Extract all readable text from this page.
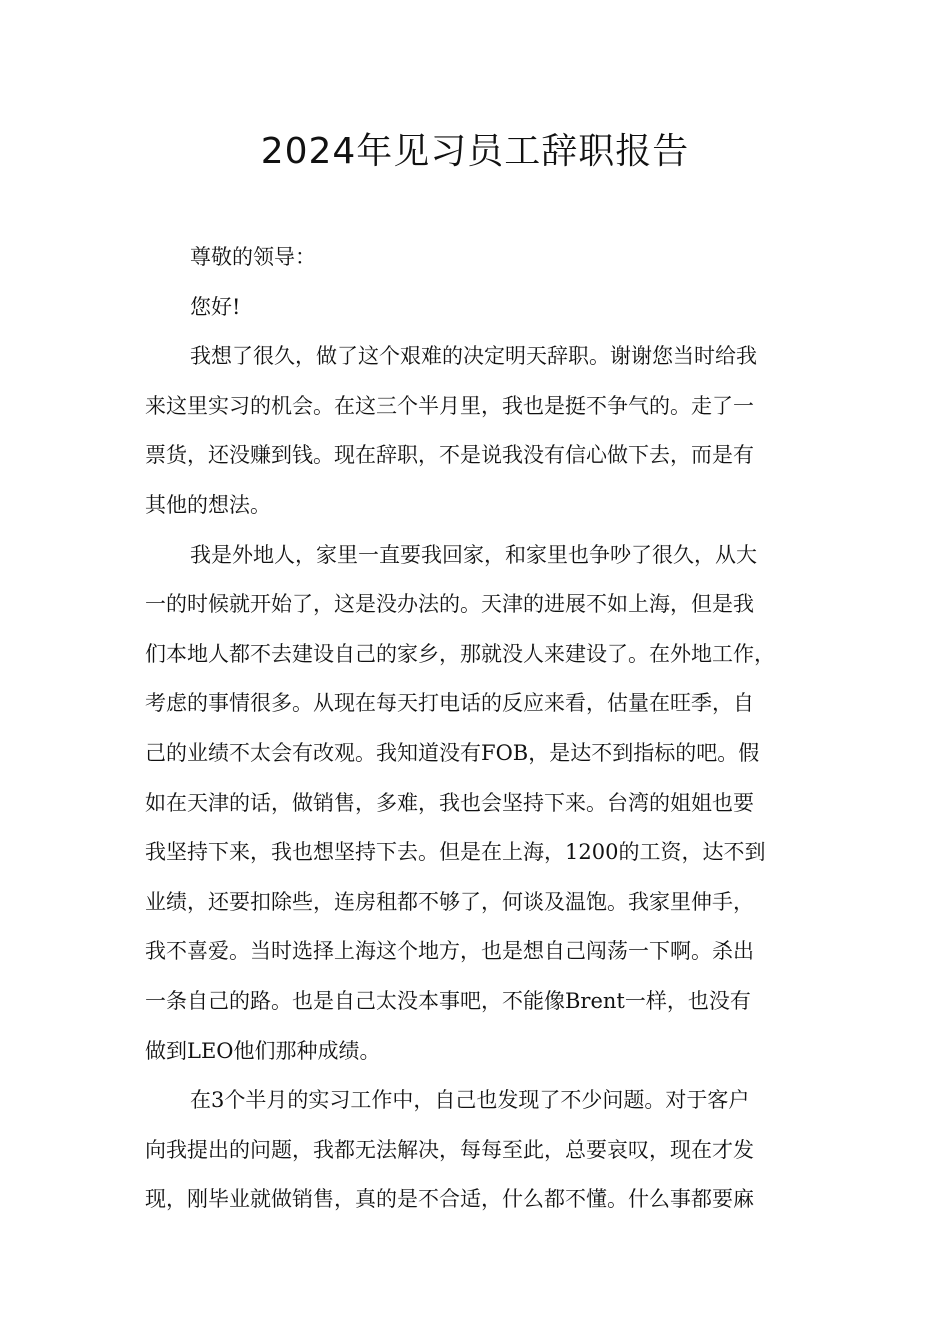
2024年见习员工辞职报告
尊敬的领导：
您好!
我想了很久，做了这个艰难的决定明天辞职。谢谢您当时给我
来这里实习的机会。在这三个半月里，我也是挺不争气的。走了一
票货，还没赚到钱。现在辞职，不是说我没有信心做下去，而是有
其他的想法。
我是外地人，家里一直要我回家，和家里也争吵了很久，从大
一的时候就开始了，这是没办法的。天津的进展不如上海，但是我
们本地人都不去建设自己的家乡，那就没人来建设了。在外地工作，
考虑的事情很多。从现在每天打电话的反应来看，估量在旺季，自
己的业绩不太会有改观。我知道没有FOB，是达不到指标的吧。假
如在天津的话，做销售，多难，我也会坚持下来。台湾的姐姐也要
我坚持下来，我也想坚持下去。但是在上海，1200的工资，达不到
业绩，还要扣除些，连房租都不够了，何谈及温饱。我家里伸手，
我不喜爱。当时选择上海这个地方，也是想自己闯荡一下啊。杀出
一条自己的路。也是自己太没本事吧，不能像Brent一样，也没有
做到LEO他们那种成绩。
在3个半月的实习工作中，自己也发现了不少问题。对于客户
向我提出的问题，我都无法解决，每每至此，总要哀叹，现在才发
现，刚毕业就做销售，真的是不合适，什么都不懂。什么事都要麻
